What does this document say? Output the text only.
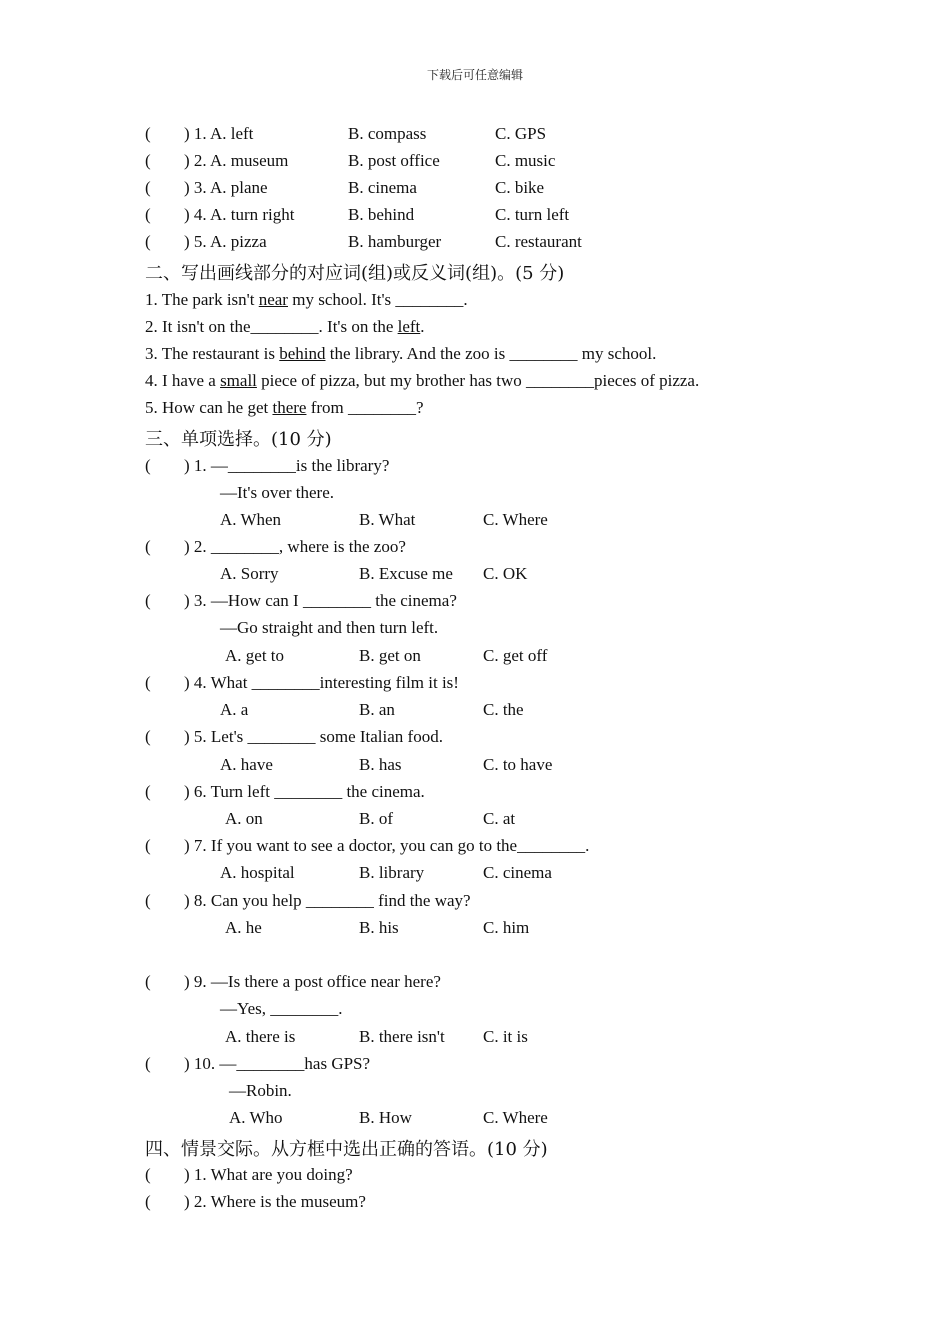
下载后可任意编辑
( ) 1. A. left	B. compass	C. GPS
( ) 2. A. museum	B. post office	C. music
( ) 3. A. plane	B. cinema	C. bike
( ) 4. A. turn right	B. behind	C. turn left
( ) 5. A. pizza	B. hamburger	C. restaurant
二、写出画线部分的对应词(组)或反义词(组)。(5 分)
1. The park isn't near my school. It's ________.
2. It isn't on the________. It's on the left.
3. The restaurant is behind the library. And the zoo is ________ my school.
4. I have a small piece of pizza, but my brother has two ________pieces of pizza.
5. How can he get there from ________?
三、单项选择。(10 分)
( ) 1. —________is the library?
—It's over there.
A. When	B. What	C. Where
( ) 2. ________, where is the zoo?
A. Sorry	B. Excuse me C. OK
( ) 3. —How can I ________ the cinema?
—Go straight and then turn left.
A. get to	B. get on	C. get off
( ) 4. What ________interesting film it is!
A. a	B. an	C. the
( ) 5. Let's ________ some Italian food.
A. have	B. has	C. to have
( ) 6. Turn left ________ the cinema.
A. on	B. of	C. at
( ) 7. If you want to see a doctor, you can go to the________.
A. hospital	B. library	C. cinema
( ) 8. Can you help ________ find the way?
A. he	B. his	C. him
( ) 9. —Is there a post office near here?
—Yes, ________.
A. there is	B. there isn't C. it is
( ) 10. —________has GPS?
—Robin.
A. Who	B. How	C. Where
四、情景交际。从方框中选出正确的答语。(10 分)
( ) 1. What are you doing?
( ) 2. Where is the museum?
